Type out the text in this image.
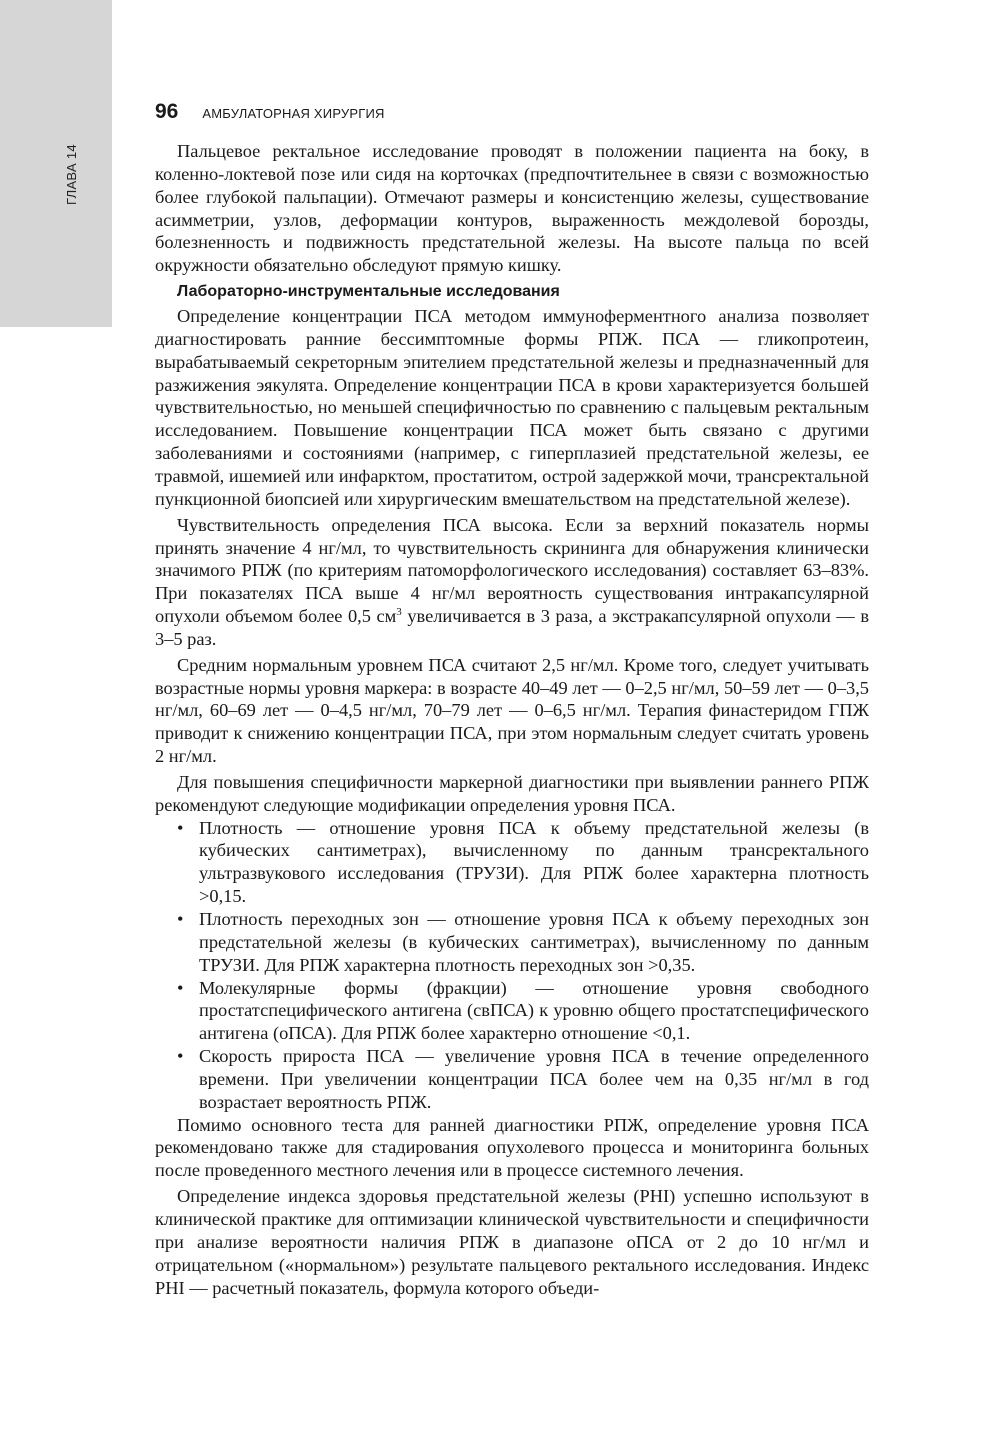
ГЛАВА 14
96 АМБУЛАТОРНАЯ ХИРУРГИЯ

Пальцевое ректальное исследование проводят в положении пациента на боку, в коленно-локтевой позе или сидя на корточках (предпочтительнее в связи с возможностью более глубокой пальпации). Отмечают размеры и консистенцию железы, существование асимметрии, узлов, деформации контуров, выраженность междолевой борозды, болезненность и подвижность предстательной железы. На высоте пальца по всей окружности обязательно обследуют прямую кишку.

Лабораторно-инструментальные исследования

Определение концентрации ПСА методом иммуноферментного анализа позволяет диагностировать ранние бессимптомные формы РПЖ. ПСА — гликопротеин, вырабатываемый секреторным эпителием предстательной железы и предназначенный для разжижения эякулята. Определение концентрации ПСА в крови характеризуется большей чувствительностью, но меньшей специфичностью по сравнению с пальцевым ректальным исследованием. Повышение концентрации ПСА может быть связано с другими заболеваниями и состояниями (например, с гиперплазией предстательной железы, ее травмой, ишемией или инфарктом, простатитом, острой задержкой мочи, трансректальной пункционной биопсией или хирургическим вмешательством на предстательной железе).

Чувствительность определения ПСА высока. Если за верхний показатель нормы принять значение 4 нг/мл, то чувствительность скрининга для обнаружения клинически значимого РПЖ (по критериям патоморфологического исследования) составляет 63–83%. При показателях ПСА выше 4 нг/мл вероятность существования интракапсулярной опухоли объемом более 0,5 $см^3$ увеличивается в 3 раза, а экстракапсулярной опухоли — в 3–5 раз.

Средним нормальным уровнем ПСА считают 2,5 нг/мл. Кроме того, следует учитывать возрастные нормы уровня маркера: в возрасте 40–49 лет — 0–2,5 нг/мл, 50–59 лет — 0–3,5 нг/мл, 60–69 лет — 0–4,5 нг/мл, 70–79 лет — 0–6,5 нг/мл. Терапия финастеридом ГПЖ приводит к снижению концентрации ПСА, при этом нормальным следует считать уровень 2 нг/мл.

Для повышения специфичности маркерной диагностики при выявлении раннего РПЖ рекомендуют следующие модификации определения уровня ПСА.

• Плотность — отношение уровня ПСА к объему предстательной железы (в кубических сантиметрах), вычисленному по данным трансректального ультразвукового исследования (ТРУЗИ). Для РПЖ более характерна плотность >0,15.
• Плотность переходных зон — отношение уровня ПСА к объему переходных зон предстательной железы (в кубических сантиметрах), вычисленному по данным ТРУЗИ. Для РПЖ характерна плотность переходных зон >0,35.
• Молекулярные формы (фракции) — отношение уровня свободного простатспецифического антигена (свПСА) к уровню общего простатспецифического антигена (оПСА). Для РПЖ более характерно отношение <0,1.
• Скорость прироста ПСА — увеличение уровня ПСА в течение определенного времени. При увеличении концентрации ПСА более чем на 0,35 нг/мл в год возрастает вероятность РПЖ.

Помимо основного теста для ранней диагностики РПЖ, определение уровня ПСА рекомендовано также для стадирования опухолевого процесса и мониторинга больных после проведенного местного лечения или в процессе системного лечения.

Определение индекса здоровья предстательной железы (PHI) успешно используют в клинической практике для оптимизации клинической чувствительности и специфичности при анализе вероятности наличия РПЖ в диапазоне оПСА от 2 до 10 нг/мл и отрицательном («нормальном») результате пальцевого ректального исследования. Индекс PHI — расчетный показатель, формула которого объеди-
